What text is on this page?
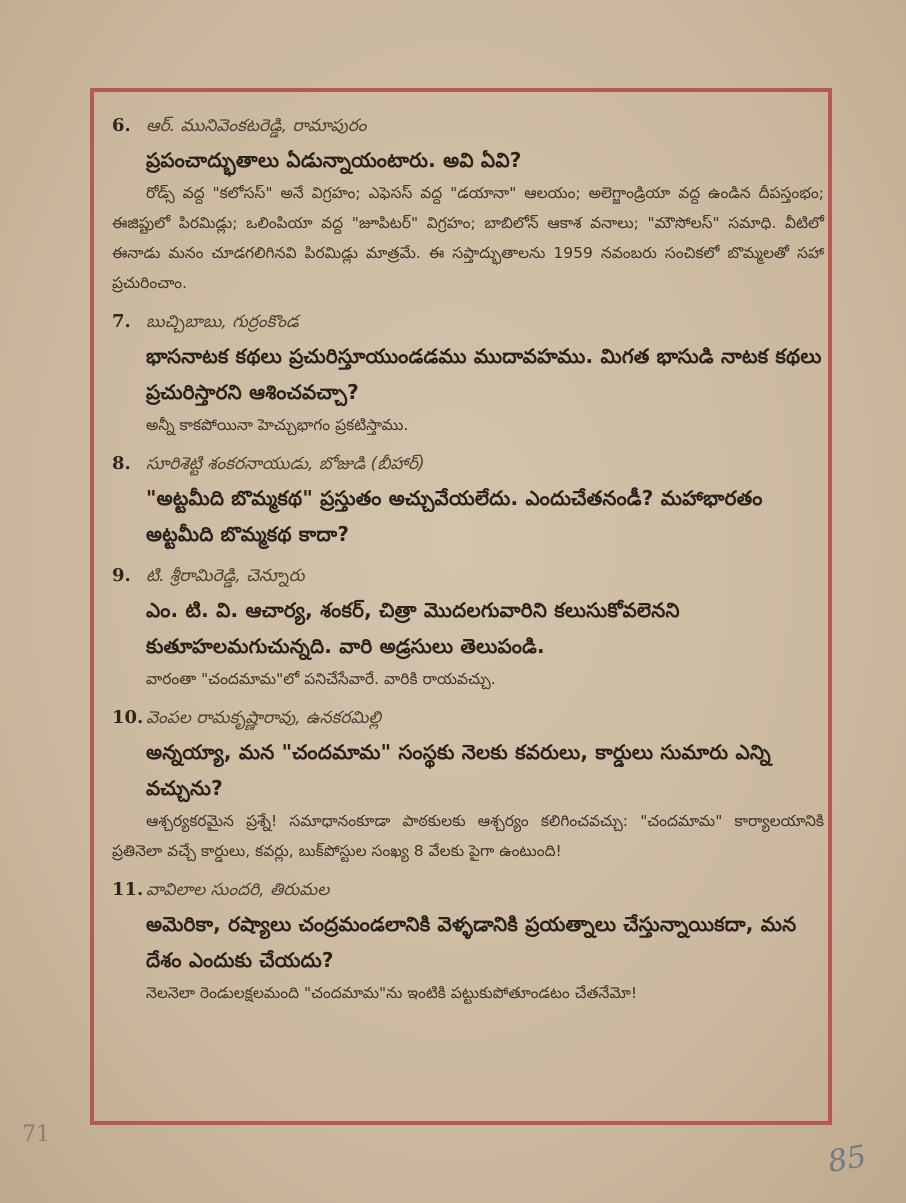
6. ఆర్. మునివెంకటరెడ్డి, రామాపురం
ప్రపంచాద్భుతాలు ఏడున్నాయంటారు. అవి ఏవి?
రోడ్స్ వద్ద "కలోసస్" అనే విగ్రహం; ఎఫెసస్ వద్ద "డయానా" ఆలయం; అలెగ్జాండ్రియా వద్ద ఉండిన దీపస్తంభం; ఈజిప్టులో పిరమిడ్లు; ఒలింపియా వద్ద "జూపిటర్" విగ్రహం; బాబిలోన్ ఆకాశ వనాలు; "మౌసోలస్" సమాధి. వీటిలో ఈనాడు మనం చూడగలిగినవి పిరమిడ్లు మాత్రమే. ఈ సప్తాద్భుతాలను 1959 నవంబరు సంచికలో బొమ్మలతో సహా ప్రచురించాం.
7. బుచ్చిబాబు, గుర్రంకొండ
భాసనాటక కథలు ప్రచురిస్తూయుండడము ముదావహము. మిగత భాసుడి నాటక కథలు ప్రచురిస్తారని ఆశించవచ్చా?
అన్నీ కాకపోయినా హెచ్చుభాగం ప్రకటిస్తాము.
8. సూరిశెట్టి శంకరనాయుడు, బోజుడి (బీహార్)
"అట్టమీది బొమ్మకథ" ప్రస్తుతం అచ్చువేయలేదు. ఎందుచేతనండీ? మహాభారతం అట్టమీది బొమ్మకథ కాదా?
9. టి. శ్రీరామిరెడ్డి, చెన్నూరు
ఎం. టి. వి. ఆచార్య, శంకర్, చిత్రా మొదలగువారిని కలుసుకోవలెనని కుతూహలమగుచున్నది. వారి అడ్రసులు తెలుపండి.
వారంతా "చందమామ"లో పనిచేసేవారే. వారికి రాయవచ్చు.
10. వెంపల రామకృష్ణారావు, ఉనకరమిల్లి
అన్నయ్యా, మన "చందమామ" సంస్థకు నెలకు కవరులు, కార్డులు సుమారు ఎన్ని వచ్చును?
ఆశ్చర్యకరమైన ప్రశ్నే! సమాధానంకూడా పాఠకులకు ఆశ్చర్యం కలిగించవచ్చు: "చందమామ" కార్యాలయానికి ప్రతినెలా వచ్చే కార్డులు, కవర్లు, బుక్‌పోస్టుల సంఖ్య 8 వేలకు పైగా ఉంటుంది!
11. వావిలాల సుందరి, తిరుమల
అమెరికా, రష్యాలు చంద్రమండలానికి వెళ్ళడానికి ప్రయత్నాలు చేస్తున్నాయికదా, మన దేశం ఎందుకు చేయదు?
నెలనెలా రెండులక్షలమంది "చందమామ"ను ఇంటికి పట్టుకుపోతూండటం చేతనేమో!
71
85
